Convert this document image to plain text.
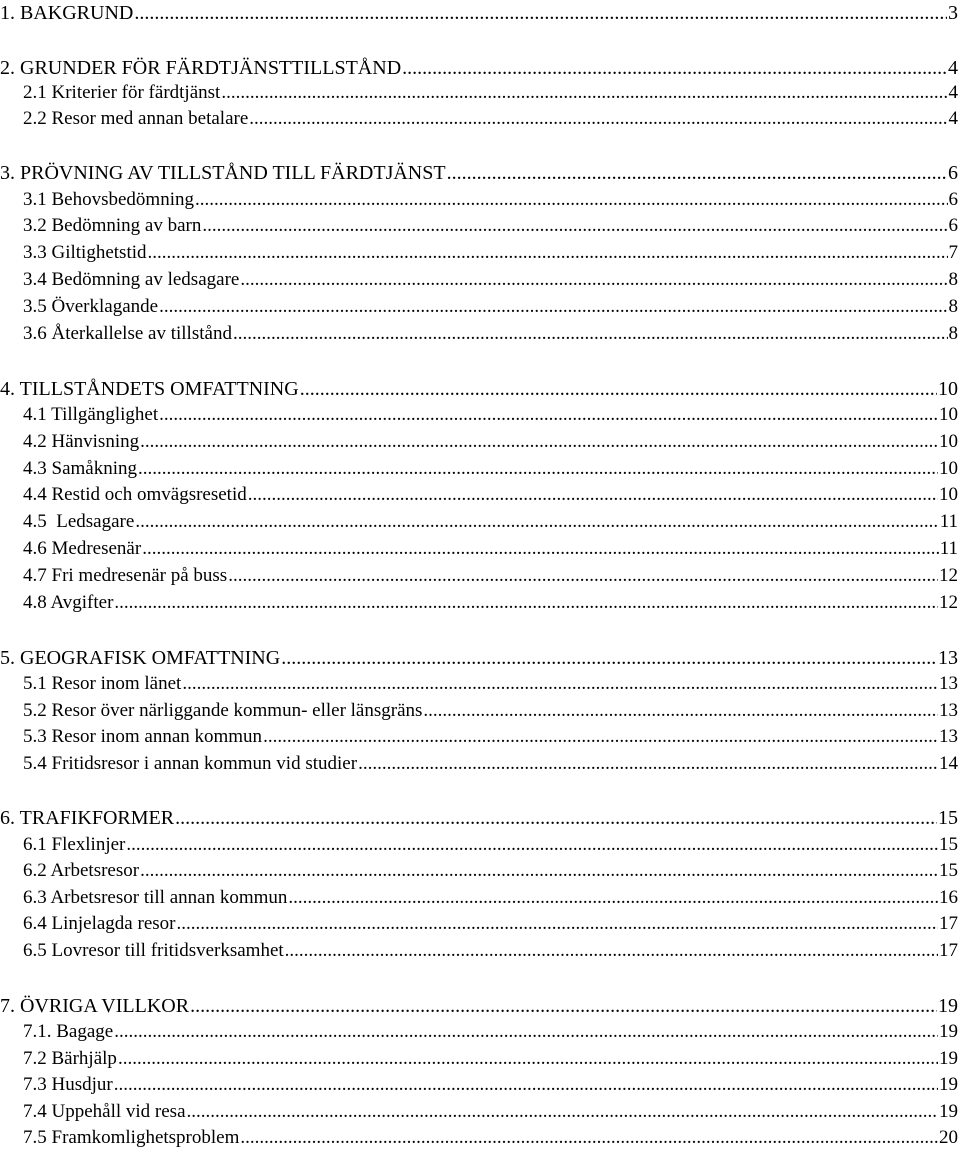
1. BAKGRUND .....	3
2. GRUNDER FÖR FÄRDTJÄNSTTILLSTÅND .....	4
2.1 Kriterier för färdtjänst .....	4
2.2 Resor med annan betalare .....	4
3. PRÖVNING AV TILLSTÅND TILL FÄRDTJÄNST .....	6
3.1 Behovsbedömning .....	6
3.2 Bedömning av barn .....	6
3.3 Giltighetstid .....	7
3.4 Bedömning av ledsagare .....	8
3.5 Överklagande .....	8
3.6 Återkallelse av tillstånd .....	8
4. TILLSTÅNDETS OMFATTNING .....	10
4.1 Tillgänglighet .....	10
4.2 Hänvisning .....	10
4.3 Samåkning .....	10
4.4 Restid och omvägsresetid .....	10
4.5  Ledsagare .....	11
4.6 Medresenär .....	11
4.7 Fri medresenär på buss .....	12
4.8 Avgifter .....	12
5. GEOGRAFISK OMFATTNING .....	13
5.1 Resor inom länet .....	13
5.2 Resor över närliggande kommun- eller länsgräns .....	13
5.3 Resor inom annan kommun .....	13
5.4 Fritidsresor i annan kommun vid studier .....	14
6. TRAFIKFORMER .....	15
6.1 Flexlinjer .....	15
6.2 Arbetsresor .....	15
6.3 Arbetsresor till annan kommun .....	16
6.4 Linjelagda resor .....	17
6.5 Lovresor till fritidsverksamhet .....	17
7. ÖVRIGA VILLKOR .....	19
7.1. Bagage .....	19
7.2 Bärhjälp .....	19
7.3 Husdjur .....	19
7.4 Uppehåll vid resa .....	19
7.5 Framkomlighetsproblem .....	20
